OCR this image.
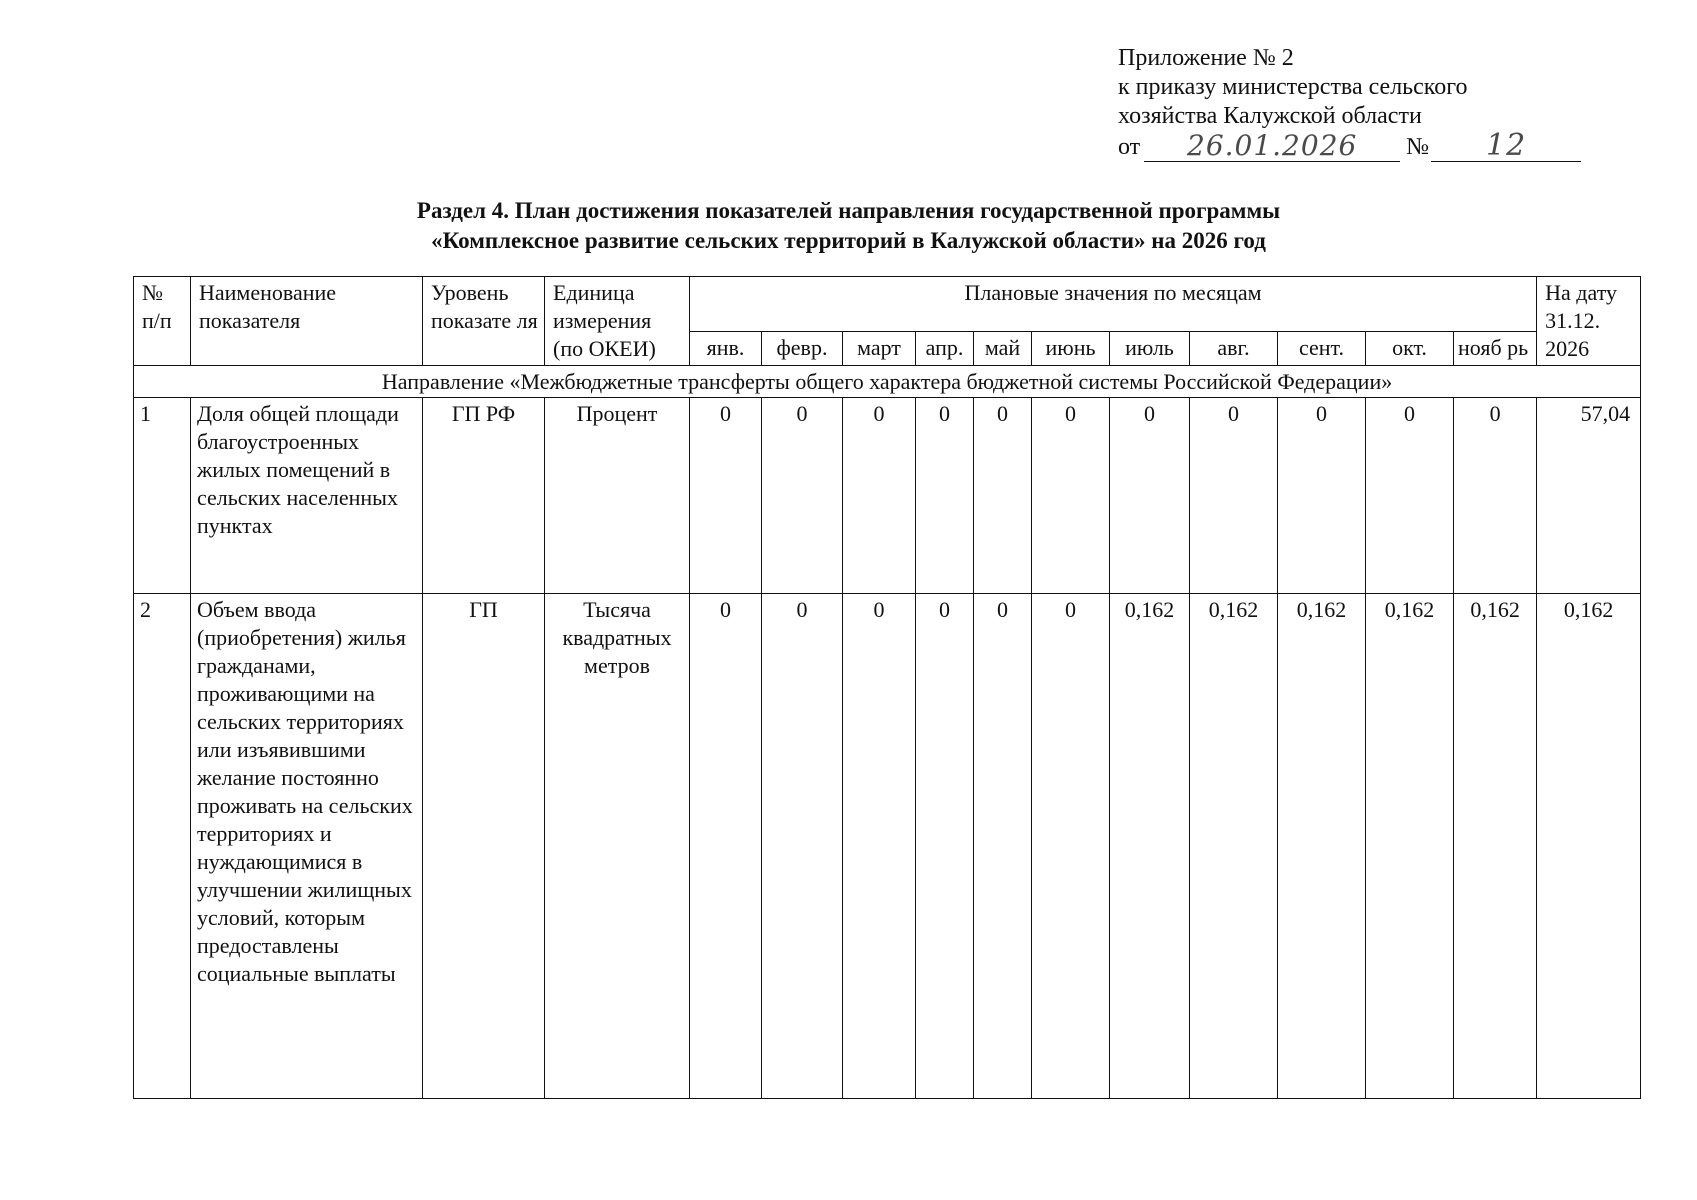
Приложение № 2
к приказу министерства сельского
хозяйства Калужской области
от	26.01.2026	№	12
Раздел 4. План достижения показателей направления государственной программы
«Комплексное развитие сельских территорий в Калужской области» на 2026 год
№ п/п	Наименование показателя	Уровень показате ля	Единица измерения (по ОКЕИ)	Плановые значения по месяцам											На дату 31.12. 2026
				янв.	февр.	март	апр.	май	июнь	июль	авг.	сент.	окт.	нояб рь	
Направление «Межбюджетные трансферты общего характера бюджетной системы Российской Федерации»															
1	Доля общей площади благоустроенных жилых помещений в сельских населенных пунктах	ГП РФ	Процент	0	0	0	0	0	0	0	0	0	0	0	57,04
2	Объем ввода (приобретения) жилья гражданами, проживающими на сельских территориях или изъявившими желание постоянно проживать на сельских территориях и нуждающимися в улучшении жилищных условий, которым предоставлены социальные выплаты	ГП	Тысяча квадратных метров	0	0	0	0	0	0	0,162	0,162	0,162	0,162	0,162	0,162
